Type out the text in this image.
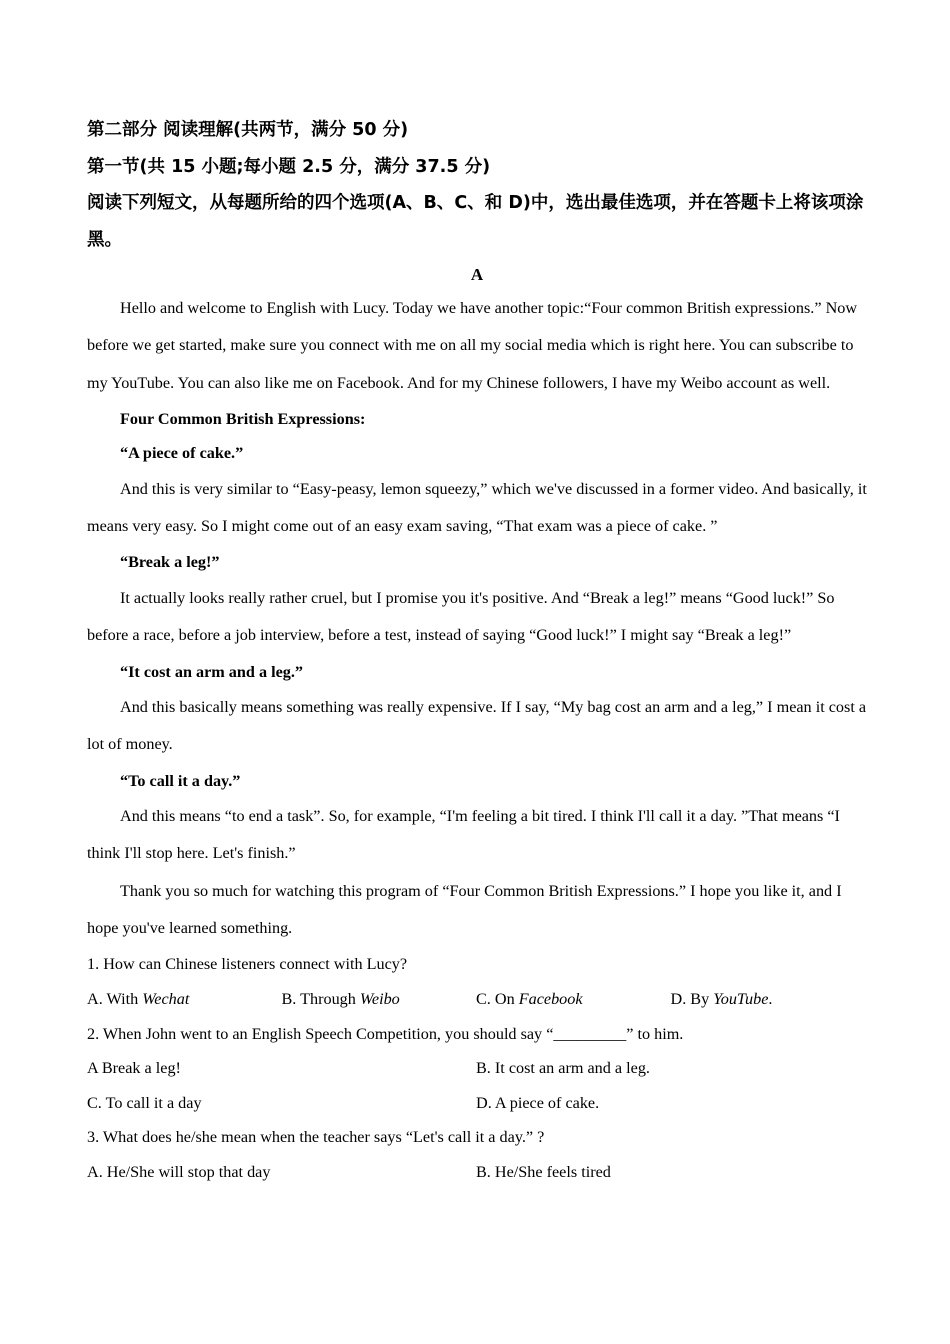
第二部分 阅读理解(共两节，满分 50 分)

第一节(共 15 小题;每小题 2.5 分，满分 37.5 分)

阅读下列短文，从每题所给的四个选项(A、B、C、和 D)中，选出最佳选项，并在答题卡上将该项涂黑。

A

Hello and welcome to English with Lucy. Today we have another topic:“Four common British expressions.” Now before we get started, make sure you connect with me on all my social media which is right here. You can subscribe to my YouTube. You can also like me on Facebook. And for my Chinese followers, I have my Weibo account as well.

Four Common British Expressions:

“A piece of cake.”

And this is very similar to “Easy-peasy, lemon squeezy,” which we've discussed in a former video. And basically, it means very easy. So I might come out of an easy exam saving, “That exam was a piece of cake. ”

“Break a leg!”

It actually looks really rather cruel, but I promise you it's positive. And “Break a leg!” means “Good luck!” So before a race, before a job interview, before a test, instead of saying “Good luck!” I might say “Break a leg!”

“It cost an arm and a leg.”

And this basically means something was really expensive. If I say, “My bag cost an arm and a leg,” I mean it cost a lot of money.

“To call it a day.”

And this means “to end a task”. So, for example, “I'm feeling a bit tired. I think I'll call it a day. ”That means “I think I'll stop here. Let's finish.”

Thank you so much for watching this program of “Four Common British Expressions.” I hope you like it, and I hope you've learned something.

1. How can Chinese listeners connect with Lucy?

A. With Wechat	B. Through Weibo	C. On Facebook	D. By YouTube.

2. When John went to an English Speech Competition, you should say “_________” to him.

A Break a leg!	B. It cost an arm and a leg.
C. To call it a day	D. A piece of cake.

3. What does he/she mean when the teacher says “Let's call it a day.” ?

A. He/She will stop that day	B. He/She feels tired
